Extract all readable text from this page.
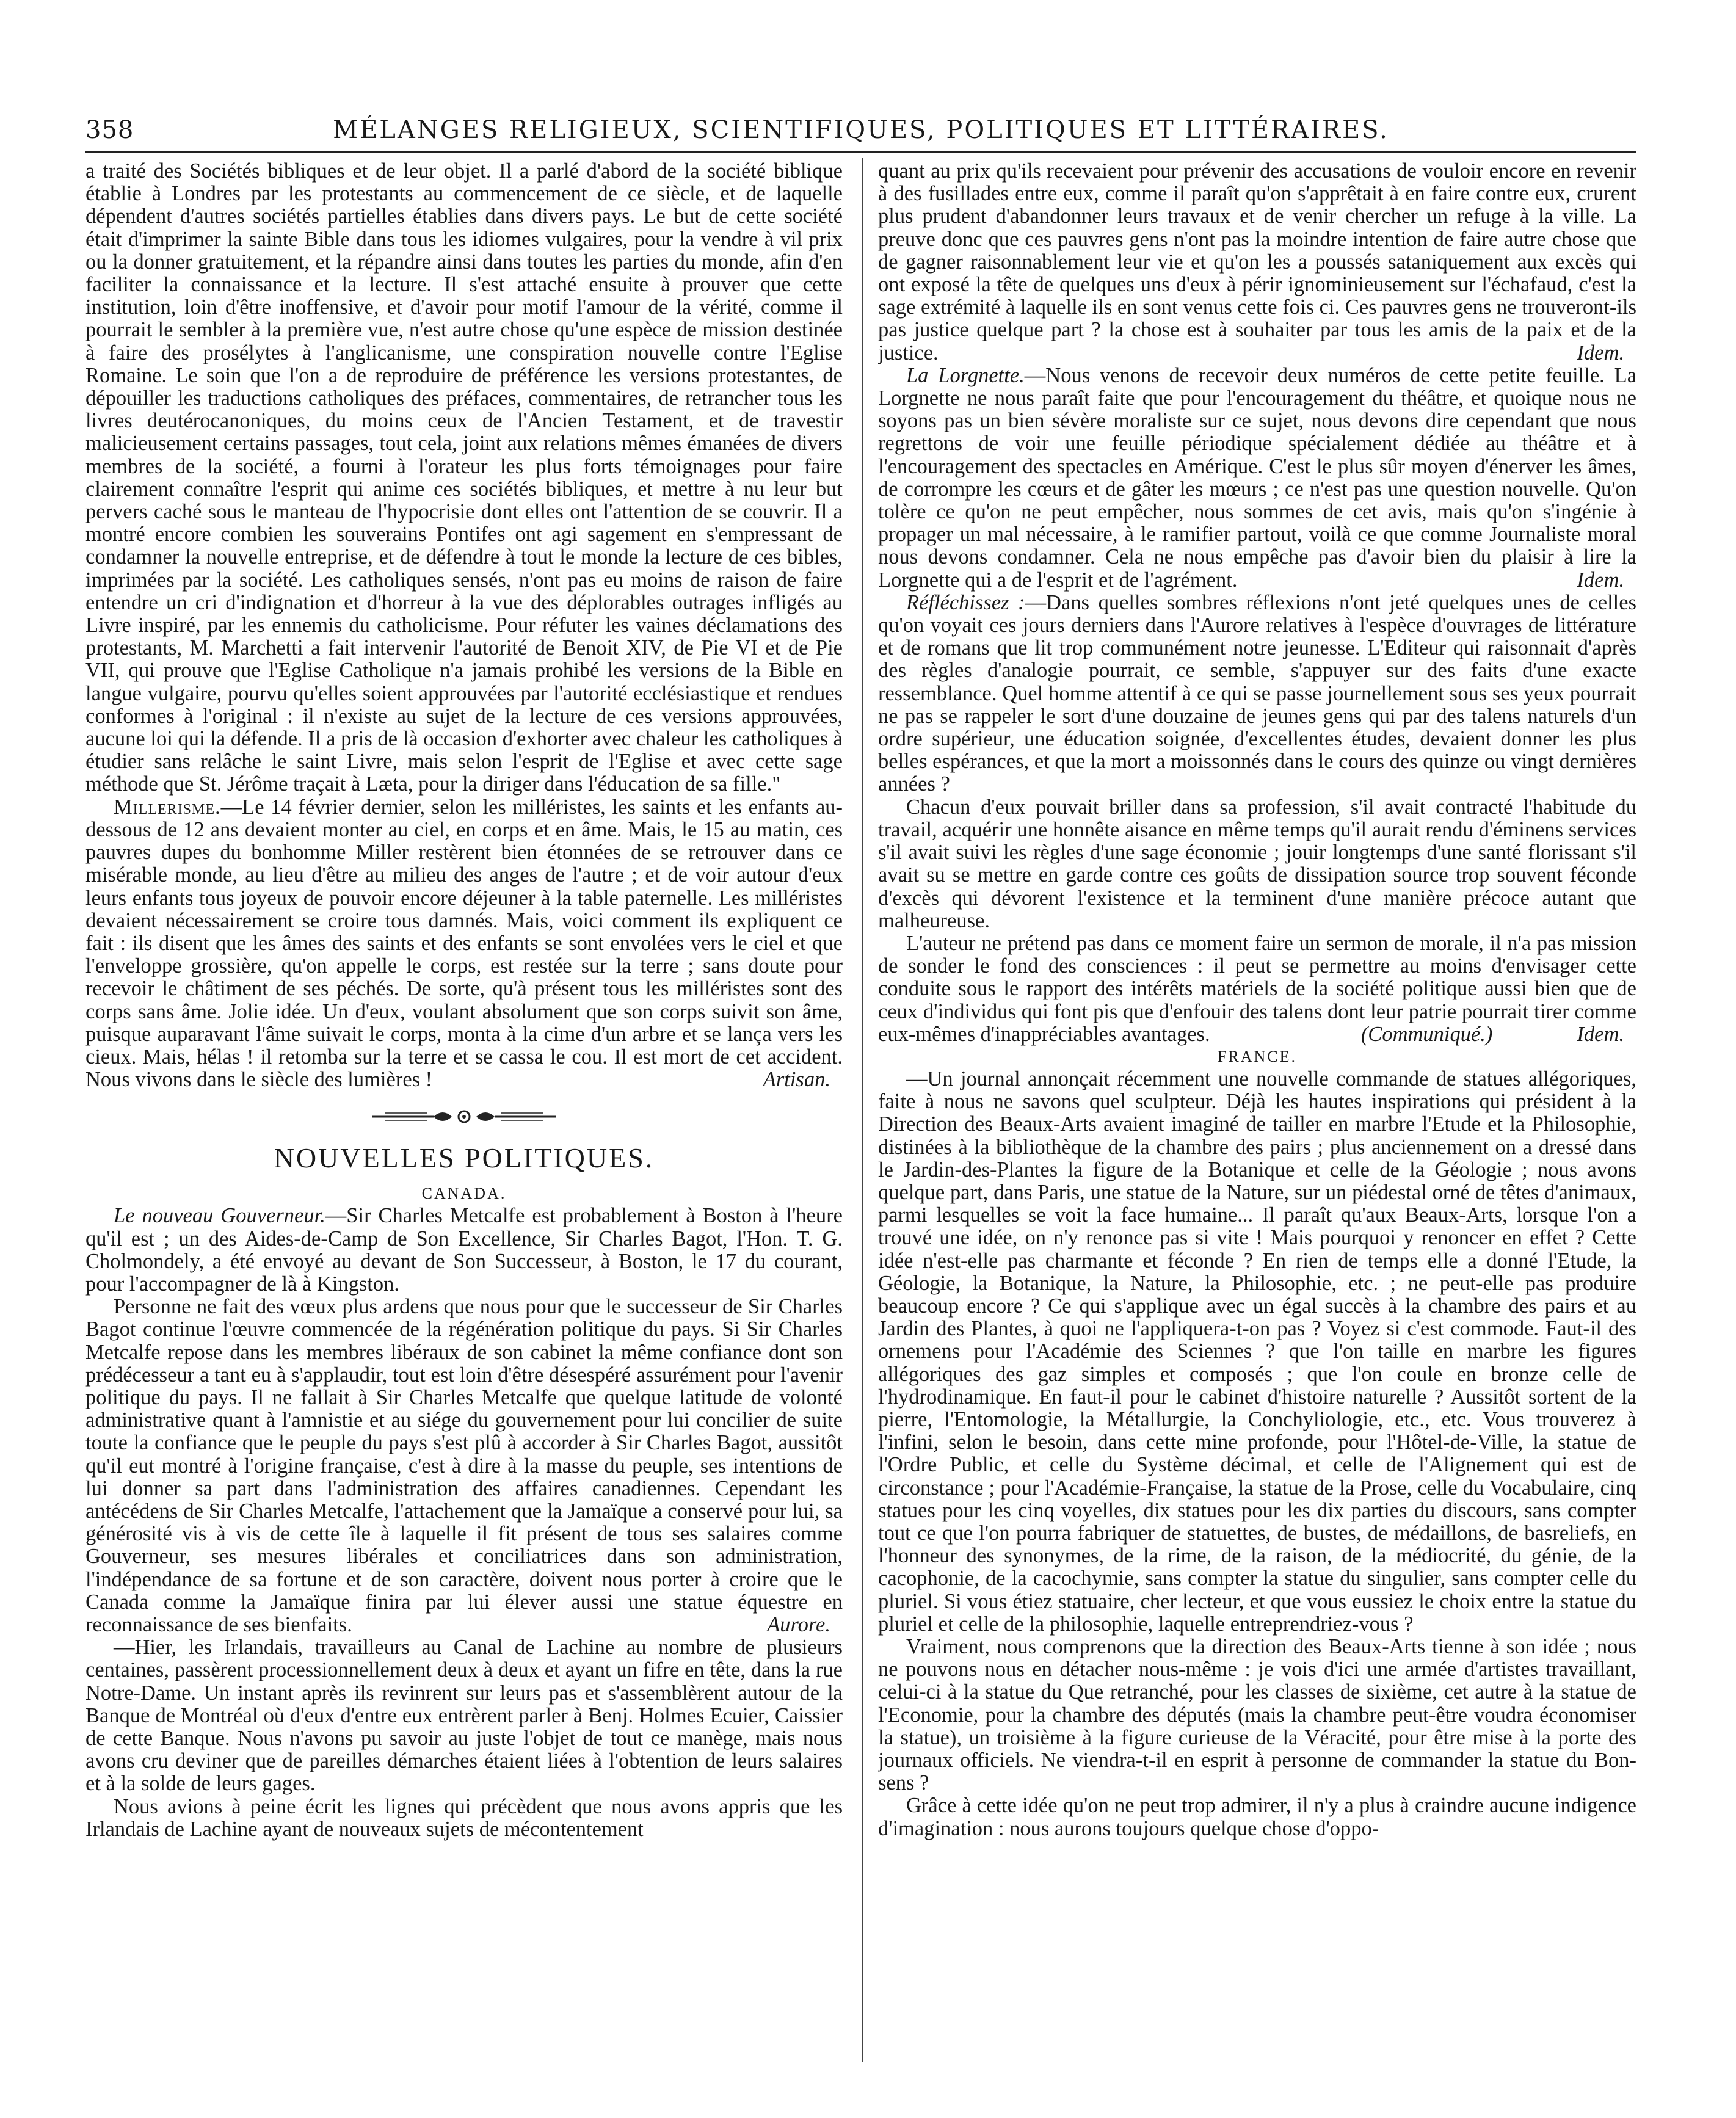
358	MÉLANGES RELIGIEUX, SCIENTIFIQUES, POLITIQUES ET LITTÉRAIRES.

a traité des Sociétés bibliques et de leur objet. Il a parlé d'abord de la société biblique établie à Londres par les protestants au commencement de ce siècle, et de laquelle dépendent d'autres sociétés partielles établies dans divers pays. Le but de cette société était d'imprimer la sainte Bible dans tous les idiomes vulgaires, pour la vendre à vil prix ou la donner gratuitement, et la répandre ainsi dans toutes les parties du monde, afin d'en faciliter la connaissance et la lecture. Il s'est attaché ensuite à prouver que cette institution, loin d'être inoffensive, et d'avoir pour motif l'amour de la vérité, comme il pourrait le sembler à la première vue, n'est autre chose qu'une espèce de mission destinée à faire des prosélytes à l'anglicanisme, une conspiration nouvelle contre l'Eglise Romaine. Le soin que l'on a de reproduire de préférence les versions protestantes, de dépouiller les traductions catholiques des préfaces, commentaires, de retrancher tous les livres deutérocanoniques, du moins ceux de l'Ancien Testament, et de travestir malicieusement certains passages, tout cela, joint aux relations mêmes émanées de divers membres de la société, a fourni à l'orateur les plus forts témoignages pour faire clairement connaître l'esprit qui anime ces sociétés bibliques, et mettre à nu leur but pervers caché sous le manteau de l'hypocrisie dont elles ont l'attention de se couvrir. Il a montré encore combien les souverains Pontifes ont agi sagement en s'empressant de condamner la nouvelle entreprise, et de défendre à tout le monde la lecture de ces bibles, imprimées par la société. Les catholiques sensés, n'ont pas eu moins de raison de faire entendre un cri d'indignation et d'horreur à la vue des déplorables outrages infligés au Livre inspiré, par les ennemis du catholicisme. Pour réfuter les vaines déclamations des protestants, M. Marchetti a fait intervenir l'autorité de Benoit XIV, de Pie VI et de Pie VII, qui prouve que l'Eglise Catholique n'a jamais prohibé les versions de la Bible en langue vulgaire, pourvu qu'elles soient approuvées par l'autorité ecclésiastique et rendues conformes à l'original : il n'existe au sujet de la lecture de ces versions approuvées, aucune loi qui la défende. Il a pris de là occasion d'exhorter avec chaleur les catholiques à étudier sans relâche le saint Livre, mais selon l'esprit de l'Eglise et avec cette sage méthode que St. Jérôme traçait à Læta, pour la diriger dans l'éducation de sa fille."

Millerisme.—Le 14 février dernier, selon les milléristes, les saints et les enfants au-dessous de 12 ans devaient monter au ciel, en corps et en âme. Mais, le 15 au matin, ces pauvres dupes du bonhomme Miller restèrent bien étonnées de se retrouver dans ce misérable monde, au lieu d'être au milieu des anges de l'autre ; et de voir autour d'eux leurs enfants tous joyeux de pouvoir encore déjeuner à la table paternelle. Les milléristes devaient nécessairement se croire tous damnés. Mais, voici comment ils expliquent ce fait : ils disent que les âmes des saints et des enfants se sont envolées vers le ciel et que l'enveloppe grossière, qu'on appelle le corps, est restée sur la terre ; sans doute pour recevoir le châtiment de ses péchés. De sorte, qu'à présent tous les milléristes sont des corps sans âme. Jolie idée. Un d'eux, voulant absolument que son corps suivit son âme, puisque auparavant l'âme suivait le corps, monta à la cime d'un arbre et se lança vers les cieux. Mais, hélas ! il retomba sur la terre et se cassa le cou. Il est mort de cet accident. Nous vivons dans le siècle des lumières !	Artisan.

NOUVELLES POLITIQUES.
CANADA.

Le nouveau Gouverneur.—Sir Charles Metcalfe est probablement à Boston à l'heure qu'il est ; un des Aides-de-Camp de Son Excellence, Sir Charles Bagot, l'Hon. T. G. Cholmondely, a été envoyé au devant de Son Successeur, à Boston, le 17 du courant, pour l'accompagner de là à Kingston.

Personne ne fait des vœux plus ardens que nous pour que le successeur de Sir Charles Bagot continue l'œuvre commencée de la régénération politique du pays. Si Sir Charles Metcalfe repose dans les membres libéraux de son cabinet la même confiance dont son prédécesseur a tant eu à s'applaudir, tout est loin d'être désespéré assurément pour l'avenir politique du pays. Il ne fallait à Sir Charles Metcalfe que quelque latitude de volonté administrative quant à l'amnistie et au siége du gouvernement pour lui concilier de suite toute la confiance que le peuple du pays s'est plû à accorder à Sir Charles Bagot, aussitôt qu'il eut montré à l'origine française, c'est à dire à la masse du peuple, ses intentions de lui donner sa part dans l'administration des affaires canadiennes. Cependant les antécédens de Sir Charles Metcalfe, l'attachement que la Jamaïque a conservé pour lui, sa générosité vis à vis de cette île à laquelle il fit présent de tous ses salaires comme Gouverneur, ses mesures libérales et conciliatrices dans son administration, l'indépendance de sa fortune et de son caractère, doivent nous porter à croire que le Canada comme la Jamaïque finira par lui élever aussi une statue équestre en reconnaissance de ses bienfaits.	Aurore.

—Hier, les Irlandais, travailleurs au Canal de Lachine au nombre de plusieurs centaines, passèrent processionnellement deux à deux et ayant un fifre en tête, dans la rue Notre-Dame. Un instant après ils revinrent sur leurs pas et s'assemblèrent autour de la Banque de Montréal où d'eux d'entre eux entrèrent parler à Benj. Holmes Ecuier, Caissier de cette Banque. Nous n'avons pu savoir au juste l'objet de tout ce manège, mais nous avons cru deviner que de pareilles démarches étaient liées à l'obtention de leurs salaires et à la solde de leurs gages.

Nous avions à peine écrit les lignes qui précèdent que nous avons appris que les Irlandais de Lachine ayant de nouveaux sujets de mécontentement

quant au prix qu'ils recevaient pour prévenir des accusations de vouloir encore en revenir à des fusillades entre eux, comme il paraît qu'on s'apprêtait à en faire contre eux, crurent plus prudent d'abandonner leurs travaux et de venir chercher un refuge à la ville. La preuve donc que ces pauvres gens n'ont pas la moindre intention de faire autre chose que de gagner raisonnablement leur vie et qu'on les a poussés sataniquement aux excès qui ont exposé la tête de quelques uns d'eux à périr ignominieusement sur l'échafaud, c'est la sage extrémité à laquelle ils en sont venus cette fois ci. Ces pauvres gens ne trouveront-ils pas justice quelque part ? la chose est à souhaiter par tous les amis de la paix et de la justice.	Idem.

La Lorgnette.—Nous venons de recevoir deux numéros de cette petite feuille. La Lorgnette ne nous paraît faite que pour l'encouragement du théâtre, et quoique nous ne soyons pas un bien sévère moraliste sur ce sujet, nous devons dire cependant que nous regrettons de voir une feuille périodique spécialement dédiée au théâtre et à l'encouragement des spectacles en Amérique. C'est le plus sûr moyen d'énerver les âmes, de corrompre les cœurs et de gâter les mœurs ; ce n'est pas une question nouvelle. Qu'on tolère ce qu'on ne peut empêcher, nous sommes de cet avis, mais qu'on s'ingénie à propager un mal nécessaire, à le ramifier partout, voilà ce que comme Journaliste moral nous devons condamner. Cela ne nous empêche pas d'avoir bien du plaisir à lire la Lorgnette qui a de l'esprit et de l'agrément.	Idem.

Réfléchissez :—Dans quelles sombres réflexions n'ont jeté quelques unes de celles qu'on voyait ces jours derniers dans l'Aurore relatives à l'espèce d'ouvrages de littérature et de romans que lit trop communément notre jeunesse. L'Editeur qui raisonnait d'après des règles d'analogie pourrait, ce semble, s'appuyer sur des faits d'une exacte ressemblance. Quel homme attentif à ce qui se passe journellement sous ses yeux pourrait ne pas se rappeler le sort d'une douzaine de jeunes gens qui par des talens naturels d'un ordre supérieur, une éducation soignée, d'excellentes études, devaient donner les plus belles espérances, et que la mort a moissonnés dans le cours des quinze ou vingt dernières années ?

Chacun d'eux pouvait briller dans sa profession, s'il avait contracté l'habitude du travail, acquérir une honnête aisance en même temps qu'il aurait rendu d'éminens services s'il avait suivi les règles d'une sage économie ; jouir longtemps d'une santé florissant s'il avait su se mettre en garde contre ces goûts de dissipation source trop souvent féconde d'excès qui dévorent l'existence et la terminent d'une manière précoce autant que malheureuse.

L'auteur ne prétend pas dans ce moment faire un sermon de morale, il n'a pas mission de sonder le fond des consciences : il peut se permettre au moins d'envisager cette conduite sous le rapport des intérêts matériels de la société politique aussi bien que de ceux d'individus qui font pis que d'enfouir des talens dont leur patrie pourrait tirer comme eux-mêmes d'inappréciables avantages.	(Communiqué.)	Idem.

FRANCE.

—Un journal annonçait récemment une nouvelle commande de statues allégoriques, faite à nous ne savons quel sculpteur. Déjà les hautes inspirations qui président à la Direction des Beaux-Arts avaient imaginé de tailler en marbre l'Etude et la Philosophie, distinées à la bibliothèque de la chambre des pairs ; plus anciennement on a dressé dans le Jardin-des-Plantes la figure de la Botanique et celle de la Géologie ; nous avons quelque part, dans Paris, une statue de la Nature, sur un piédestal orné de têtes d'animaux, parmi lesquelles se voit la face humaine... Il paraît qu'aux Beaux-Arts, lorsque l'on a trouvé une idée, on n'y renonce pas si vite ! Mais pourquoi y renoncer en effet ? Cette idée n'est-elle pas charmante et féconde ? En rien de temps elle a donné l'Etude, la Géologie, la Botanique, la Nature, la Philosophie, etc. ; ne peut-elle pas produire beaucoup encore ? Ce qui s'applique avec un égal succès à la chambre des pairs et au Jardin des Plantes, à quoi ne l'appliquera-t-on pas ? Voyez si c'est commode. Faut-il des ornemens pour l'Académie des Sciennes ? que l'on taille en marbre les figures allégoriques des gaz simples et composés ; que l'on coule en bronze celle de l'hydrodinamique. En faut-il pour le cabinet d'histoire naturelle ? Aussitôt sortent de la pierre, l'Entomologie, la Métallurgie, la Conchyliologie, etc., etc. Vous trouverez à l'infini, selon le besoin, dans cette mine profonde, pour l'Hôtel-de-Ville, la statue de l'Ordre Public, et celle du Système décimal, et celle de l'Alignement qui est de circonstance ; pour l'Académie-Française, la statue de la Prose, celle du Vocabulaire, cinq statues pour les cinq voyelles, dix statues pour les dix parties du discours, sans compter tout ce que l'on pourra fabriquer de statuettes, de bustes, de médaillons, de basreliefs, en l'honneur des synonymes, de la rime, de la raison, de la médiocrité, du génie, de la cacophonie, de la cacochymie, sans compter la statue du singulier, sans compter celle du pluriel. Si vous étiez statuaire, cher lecteur, et que vous eussiez le choix entre la statue du pluriel et celle de la philosophie, laquelle entreprendriez-vous ?

Vraiment, nous comprenons que la direction des Beaux-Arts tienne à son idée ; nous ne pouvons nous en détacher nous-même : je vois d'ici une armée d'artistes travaillant, celui-ci à la statue du Que retranché, pour les classes de sixième, cet autre à la statue de l'Economie, pour la chambre des députés (mais la chambre peut-être voudra économiser la statue), un troisième à la figure curieuse de la Véracité, pour être mise à la porte des journaux officiels. Ne viendra-t-il en esprit à personne de commander la statue du Bon-sens ?

Grâce à cette idée qu'on ne peut trop admirer, il n'y a plus à craindre aucune indigence d'imagination : nous aurons toujours quelque chose d'oppo-
